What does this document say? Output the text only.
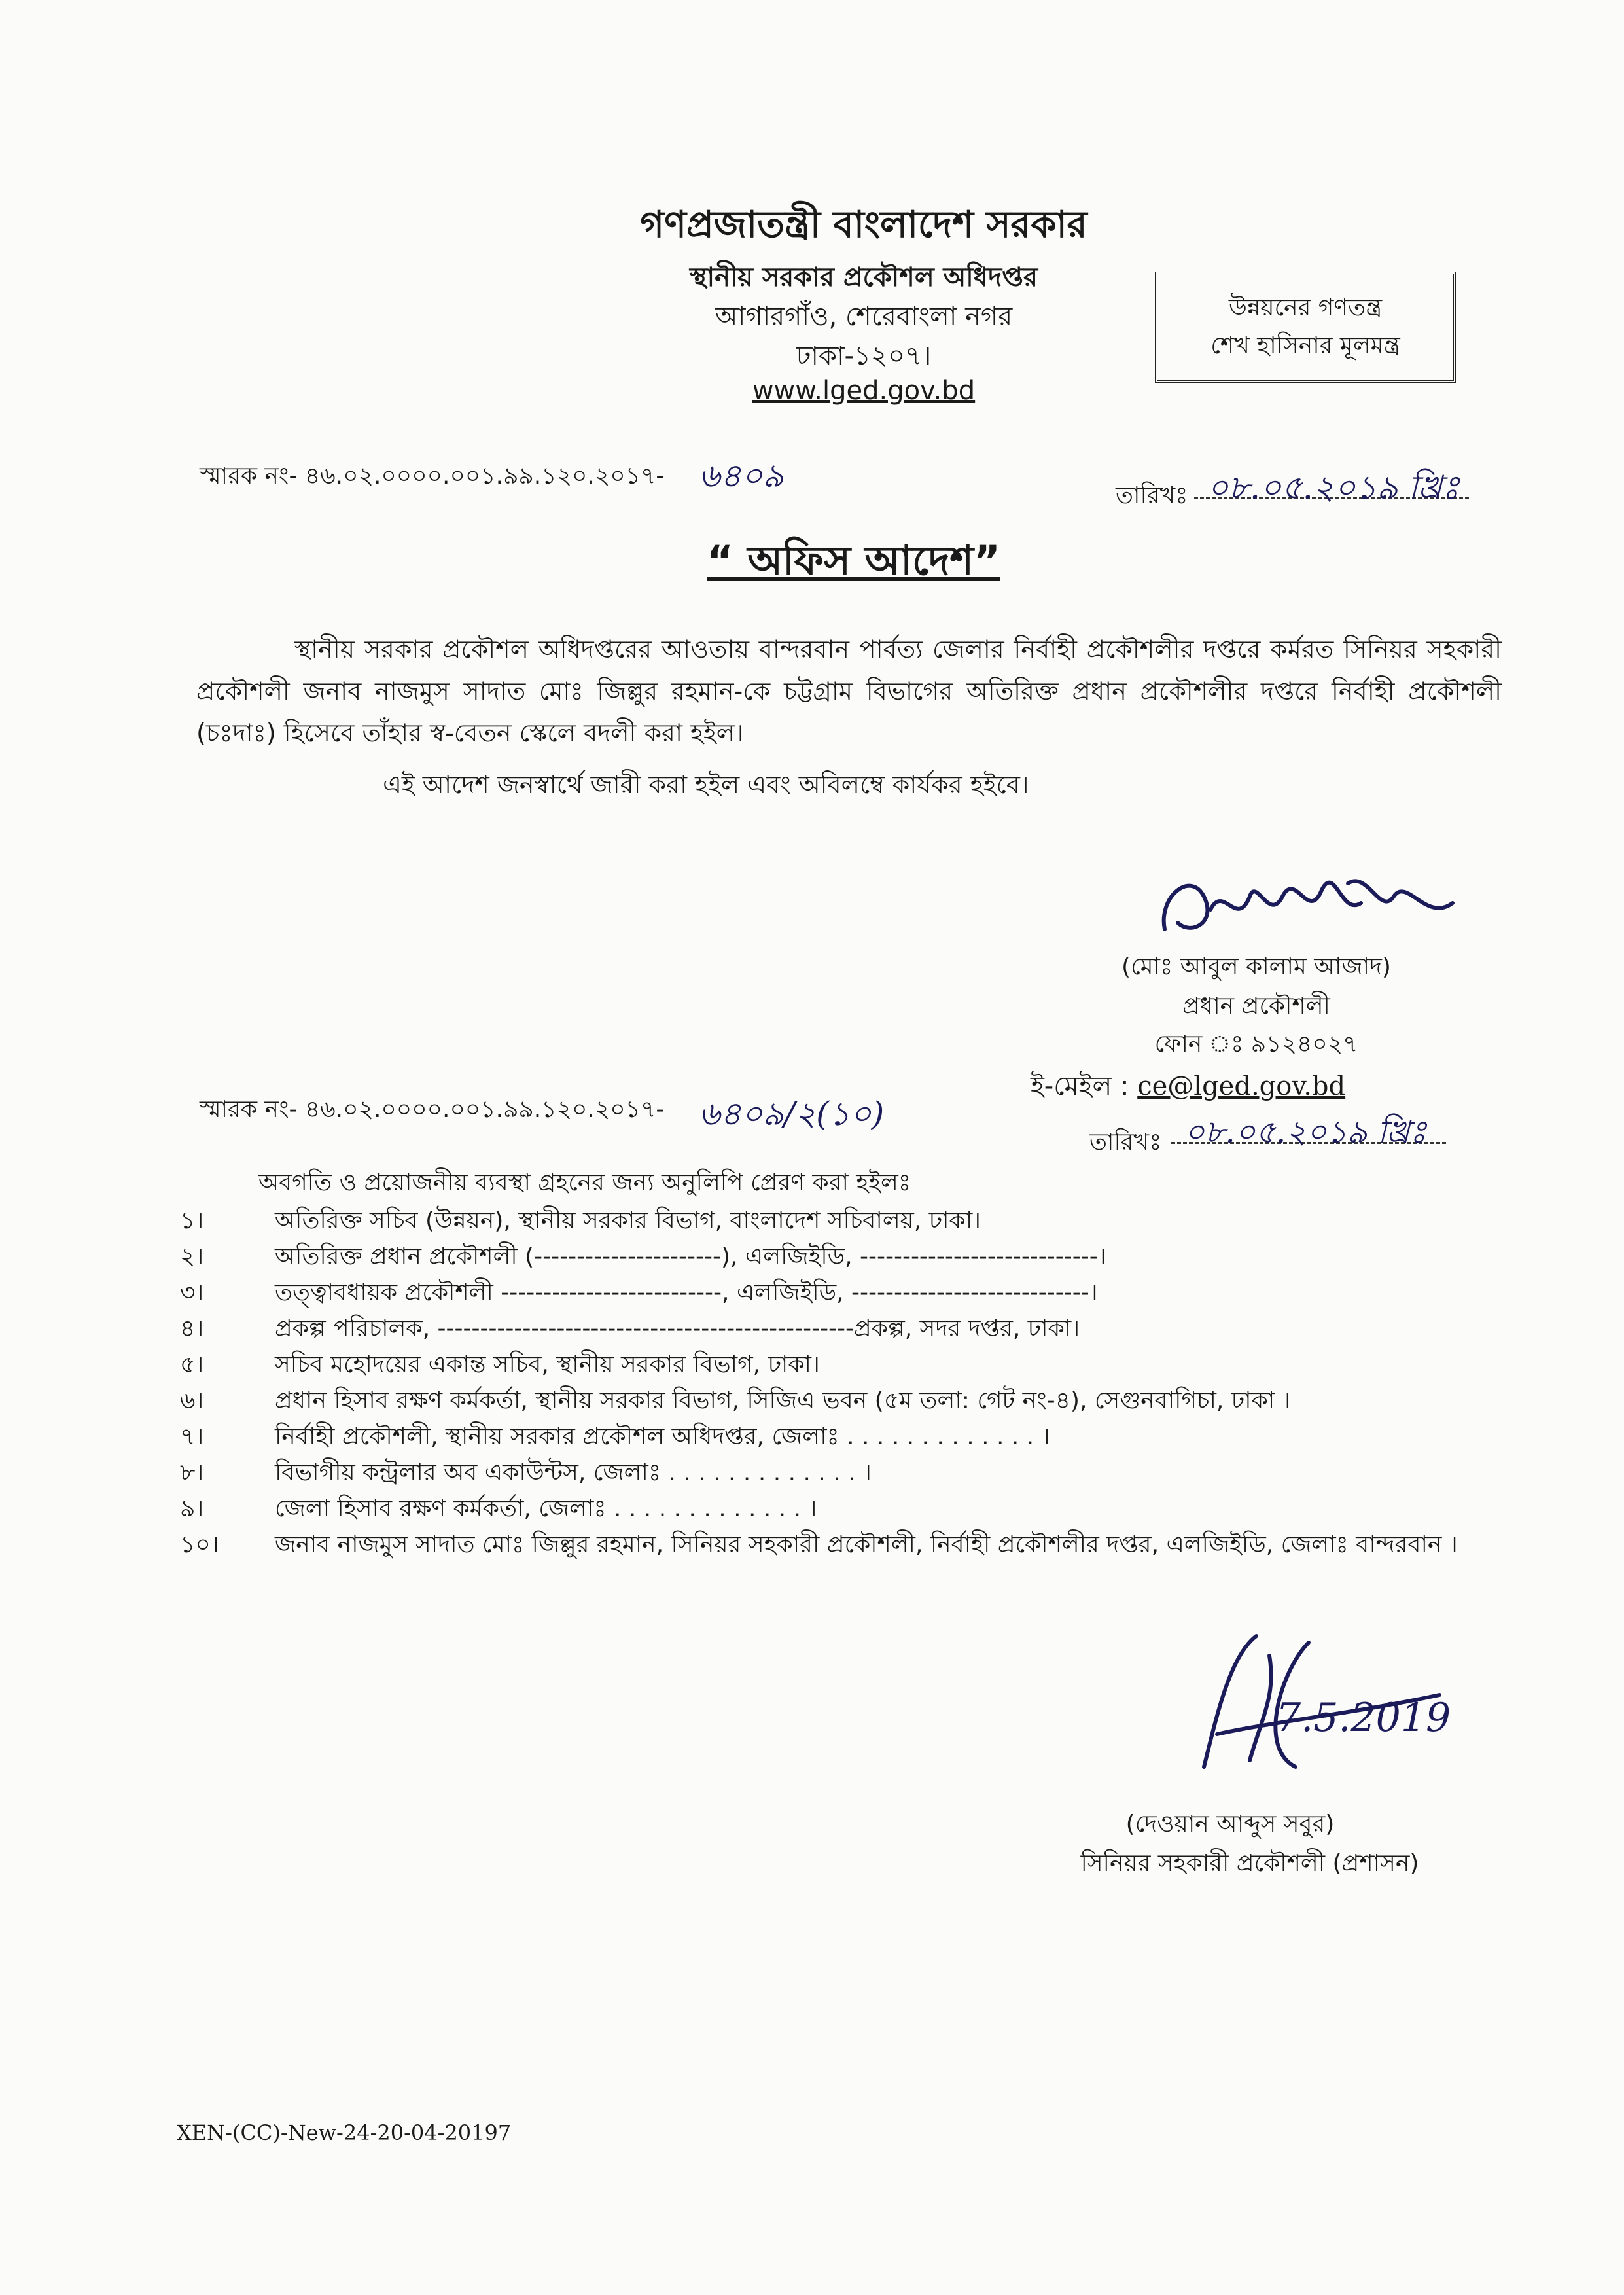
গণপ্রজাতন্ত্রী বাংলাদেশ সরকার
স্থানীয় সরকার প্রকৌশল অধিদপ্তর
আগারগাঁও, শেরেবাংলা নগর
ঢাকা-১২০৭।
www.lged.gov.bd
উন্নয়নের গণতন্ত্র
শেখ হাসিনার মূলমন্ত্র
স্মারক নং- ৪৬.০২.০০০০.০০১.৯৯.১২০.২০১৭- ৬৪০৯
তারিখঃ ০৮.০৫.২০১৯ খ্রিঃ
“ অফিস আদেশ”
স্থানীয় সরকার প্রকৌশল অধিদপ্তরের আওতায় বান্দরবান পার্বত্য জেলার নির্বাহী প্রকৌশলীর দপ্তরে কর্মরত সিনিয়র সহকারী প্রকৌশলী জনাব নাজমুস সাদাত মোঃ জিল্লুর রহমান-কে চট্টগ্রাম বিভাগের অতিরিক্ত প্রধান প্রকৌশলীর দপ্তরে নির্বাহী প্রকৌশলী (চঃদাঃ) হিসেবে তাঁহার স্ব-বেতন স্কেলে বদলী করা হইল।
এই আদেশ জনস্বার্থে জারী করা হইল এবং অবিলম্বে কার্যকর হইবে।
(মোঃ আবুল কালাম আজাদ)
প্রধান প্রকৌশলী
ফোন ঃ ৯১২৪০২৭
ই-মেইল : ce@lged.gov.bd
স্মারক নং- ৪৬.০২.০০০০.০০১.৯৯.১২০.২০১৭- ৬৪০৯/২(১০)
তারিখঃ ০৮.০৫.২০১৯ খ্রিঃ
অবগতি ও প্রয়োজনীয় ব্যবস্থা গ্রহনের জন্য অনুলিপি প্রেরণ করা হইলঃ
১।	অতিরিক্ত সচিব (উন্নয়ন), স্থানীয় সরকার বিভাগ, বাংলাদেশ সচিবালয়, ঢাকা।
২।	অতিরিক্ত প্রধান প্রকৌশলী (----------------------), এলজিইডি, ----------------------------।
৩।	তত্ত্বাবধায়ক প্রকৌশলী --------------------------, এলজিইডি, ----------------------------।
৪।	প্রকল্প পরিচালক, -------------------------------------------------প্রকল্প, সদর দপ্তর, ঢাকা।
৫।	সচিব মহোদয়ের একান্ত সচিব, স্থানীয় সরকার বিভাগ, ঢাকা।
৬।	প্রধান হিসাব রক্ষণ কর্মকর্তা, স্থানীয় সরকার বিভাগ, সিজিএ ভবন (৫ম তলা: গেট নং-৪), সেগুনবাগিচা, ঢাকা ।
৭।	নির্বাহী প্রকৌশলী, স্থানীয় সরকার প্রকৌশল অধিদপ্তর, জেলাঃ . . . . . . . . . . . . . ।
৮।	বিভাগীয় কন্ট্রলার অব একাউন্টস, জেলাঃ . . . . . . . . . . . . . ।
৯।	জেলা হিসাব রক্ষণ কর্মকর্তা, জেলাঃ . . . . . . . . . . . . . ।
১০।	জনাব নাজমুস সাদাত মোঃ জিল্লুর রহমান, সিনিয়র সহকারী প্রকৌশলী, নির্বাহী প্রকৌশলীর দপ্তর, এলজিইডি, জেলাঃ বান্দরবান ।
7.5.2019
(দেওয়ান আব্দুস সবুর)
সিনিয়র সহকারী প্রকৌশলী (প্রশাসন)
XEN-(CC)-New-24-20-04-20197
